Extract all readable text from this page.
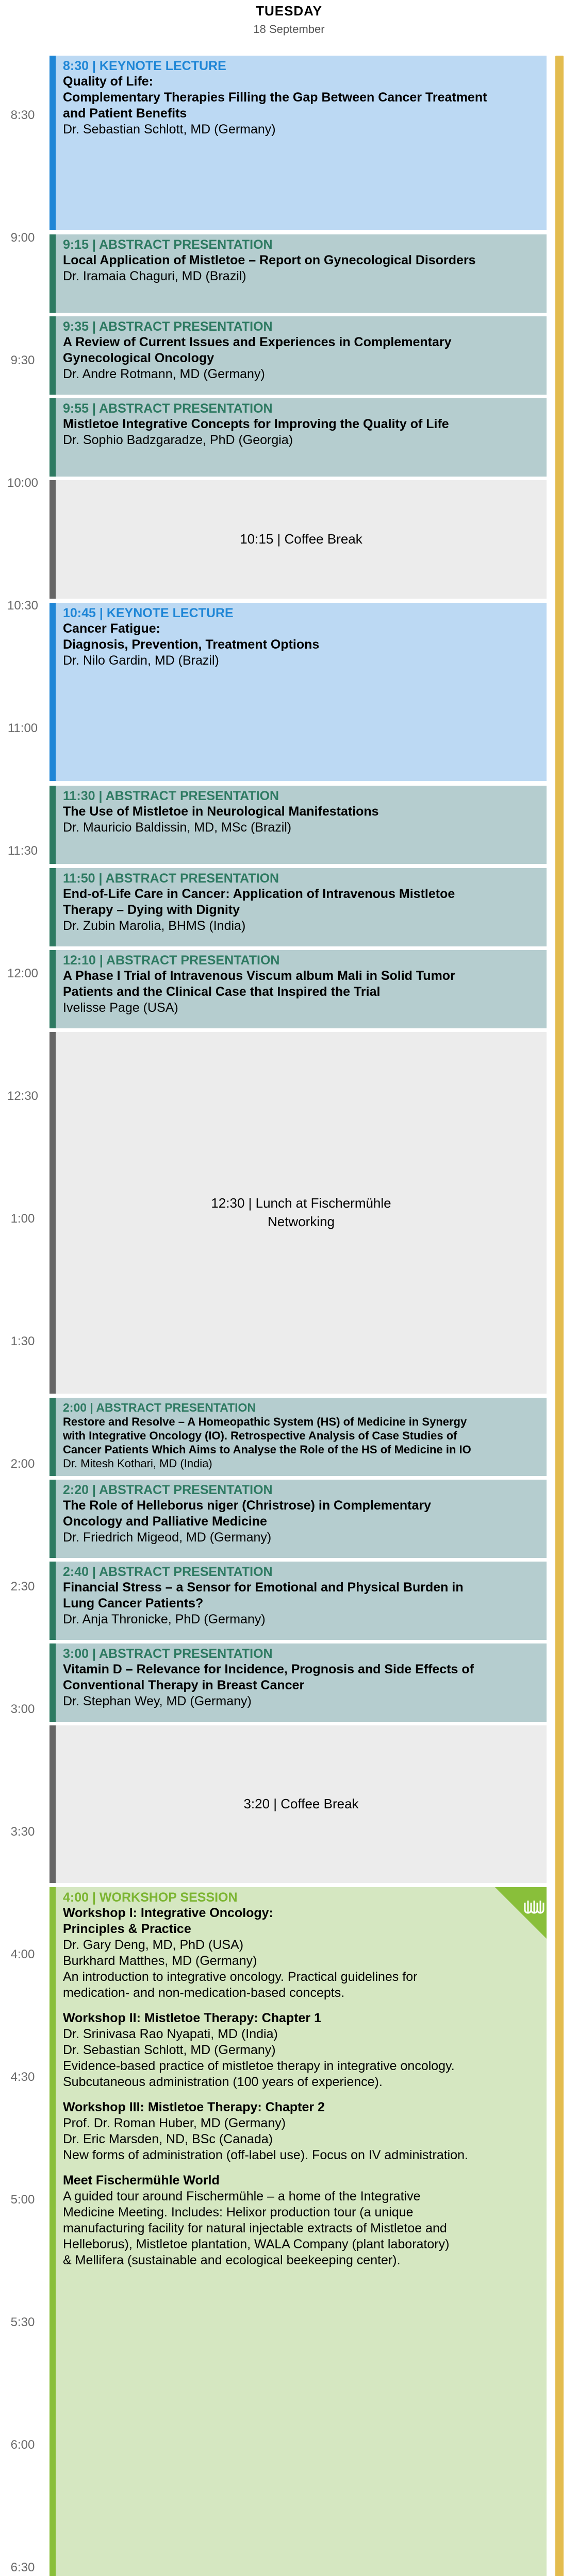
TUESDAY
18 September
8:30
9:00
9:30
10:00
10:30
11:00
11:30
12:00
12:30
1:00
1:30
2:00
2:30
3:00
3:30
4:00
4:30
5:00
5:30
6:00
6:30
8:30 | KEYNOTE LECTURE
Quality of Life:
Complementary Therapies Filling the Gap Between Cancer Treatment
and Patient Benefits
Dr. Sebastian Schlott, MD (Germany)
9:15 | ABSTRACT PRESENTATION
Local Application of Mistletoe – Report on Gynecological Disorders
Dr. Iramaia Chaguri, MD (Brazil)
9:35 | ABSTRACT PRESENTATION
A Review of Current Issues and Experiences in Complementary
Gynecological Oncology
Dr. Andre Rotmann, MD (Germany)
9:55 | ABSTRACT PRESENTATION
Mistletoe Integrative Concepts for Improving the Quality of Life
Dr. Sophio Badzgaradze, PhD (Georgia)
10:15 | Coffee Break
10:45 | KEYNOTE LECTURE
Cancer Fatigue:
Diagnosis, Prevention, Treatment Options
Dr. Nilo Gardin, MD (Brazil)
11:30 | ABSTRACT PRESENTATION
The Use of Mistletoe in Neurological Manifestations
Dr. Mauricio Baldissin, MD, MSc (Brazil)
11:50 | ABSTRACT PRESENTATION
End-of-Life Care in Cancer: Application of Intravenous Mistletoe
Therapy – Dying with Dignity
Dr. Zubin Marolia, BHMS (India)
12:10 | ABSTRACT PRESENTATION
A Phase I Trial of Intravenous Viscum album Mali in Solid Tumor
Patients and the Clinical Case that Inspired the Trial
Ivelisse Page (USA)
12:30 | Lunch at Fischermühle
Networking
2:00 | ABSTRACT PRESENTATION
Restore and Resolve – A Homeopathic System (HS) of Medicine in Synergy
with Integrative Oncology (IO). Retrospective Analysis of Case Studies of
Cancer Patients Which Aims to Analyse the Role of the HS of Medicine in IO
Dr. Mitesh Kothari, MD (India)
2:20 | ABSTRACT PRESENTATION
The Role of Helleborus niger (Christrose) in Complementary
Oncology and Palliative Medicine
Dr. Friedrich Migeod, MD (Germany)
2:40 | ABSTRACT PRESENTATION
Financial Stress – a Sensor for Emotional and Physical Burden in
Lung Cancer Patients?
Dr. Anja Thronicke, PhD (Germany)
3:00 | ABSTRACT PRESENTATION
Vitamin D – Relevance for Incidence, Prognosis and Side Effects of
Conventional Therapy in Breast Cancer
Dr. Stephan Wey, MD (Germany)
3:20 | Coffee Break
4:00 | WORKSHOP SESSION
Workshop I: Integrative Oncology:
Principles & Practice
Dr. Gary Deng, MD, PhD (USA)
Burkhard Matthes, MD (Germany)
An introduction to integrative oncology. Practical guidelines for
medication- and non-medication-based concepts.
Workshop II: Mistletoe Therapy: Chapter 1
Dr. Srinivasa Rao Nyapati, MD (India)
Dr. Sebastian Schlott, MD (Germany)
Evidence-based practice of mistletoe therapy in integrative oncology.
Subcutaneous administration (100 years of experience).
Workshop III: Mistletoe Therapy: Chapter 2
Prof. Dr. Roman Huber, MD (Germany)
Dr. Eric Marsden, ND, BSc (Canada)
New forms of administration (off-label use). Focus on IV administration.
Meet Fischermühle World
A guided tour around Fischermühle – a home of the Integrative
Medicine Meeting. Includes: Helixor production tour (a unique
manufacturing facility for natural injectable extracts of Mistletoe and
Helleborus), Mistletoe plantation, WALA Company (plant laboratory)
& Mellifera (sustainable and ecological beekeeping center).
